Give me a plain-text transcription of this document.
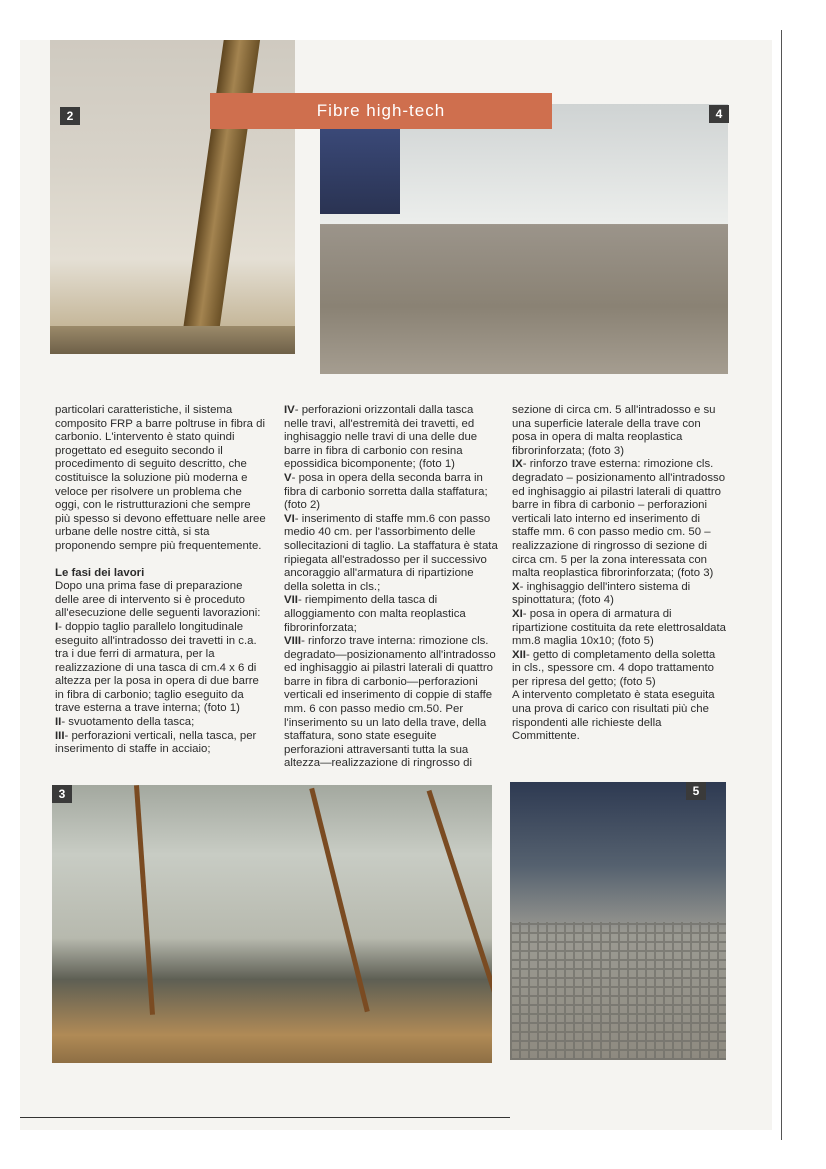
2	4
Fibre high-tech

particolari caratteristiche, il sistema composito FRP a barre poltruse in fibra di carbonio. L'intervento è stato quindi progettato ed eseguito secondo il procedimento di seguito descritto, che costituisce la soluzione più moderna e veloce per risolvere un problema che oggi, con le ristrutturazioni che sempre più spesso si devono effettuare nelle aree urbane delle nostre città, si sta proponendo sempre più frequentemente.

Le fasi dei lavori

Dopo una prima fase di preparazione delle aree di intervento si è proceduto all'esecuzione delle seguenti lavorazioni:

I- doppio taglio parallelo longitudinale eseguito all'intradosso dei travetti in c.a. tra i due ferri di armatura, per la realizzazione di una tasca di cm.4 x 6 di altezza per la posa in opera di due barre in fibra di carbonio; taglio eseguito da trave esterna a trave interna; (foto 1)

II- svuotamento della tasca;

III- perforazioni verticali, nella tasca, per inserimento di staffe in acciaio;

IV- perforazioni orizzontali dalla tasca nelle travi, all'estremità dei travetti, ed inghisaggio nelle travi di una delle due barre in fibra di carbonio con resina epossidica bicomponente; (foto 1)

V- posa in opera della seconda barra in fibra di carbonio sorretta dalla staffatura; (foto 2)

VI- inserimento di staffe mm.6 con passo medio 40 cm. per l'assorbimento delle sollecitazioni di taglio. La staffatura è stata ripiegata all'estradosso per il successivo ancoraggio all'armatura di ripartizione della soletta in cls.;

VII- riempimento della tasca di alloggiamento con malta reoplastica fibrorinforzata;

VIII- rinforzo trave interna: rimozione cls. degradato—posizionamento all'intradosso ed inghisaggio ai pilastri laterali di quattro barre in fibra di carbonio—perforazioni verticali ed inserimento di coppie di staffe mm. 6 con passo medio cm.50. Per l'inserimento su un lato della trave, della staffatura, sono state eseguite perforazioni attraversanti tutta la sua altezza—realizzazione di ringrosso di

sezione di circa cm. 5 all'intradosso e su una superficie laterale della trave con posa in opera di malta reoplastica fibrorinforzata; (foto 3)

IX- rinforzo trave esterna: rimozione cls. degradato – posizionamento all'intradosso ed inghisaggio ai pilastri laterali di quattro barre in fibra di carbonio – perforazioni verticali lato interno ed inserimento di staffe mm. 6 con passo medio cm. 50 – realizzazione di ringrosso di sezione di circa cm. 5 per la zona interessata con malta reoplastica fibrorinforzata; (foto 3)

X- inghisaggio dell'intero sistema di spinottatura; (foto 4)

XI- posa in opera di armatura di ripartizione costituita da rete elettrosaldata mm.8 maglia 10x10; (foto 5)

XII- getto di completamento della soletta in cls., spessore cm. 4 dopo trattamento per ripresa del getto; (foto 5)

A intervento completato è stata eseguita una prova di carico con risultati più che rispondenti alle richieste della Committente.

3	5
